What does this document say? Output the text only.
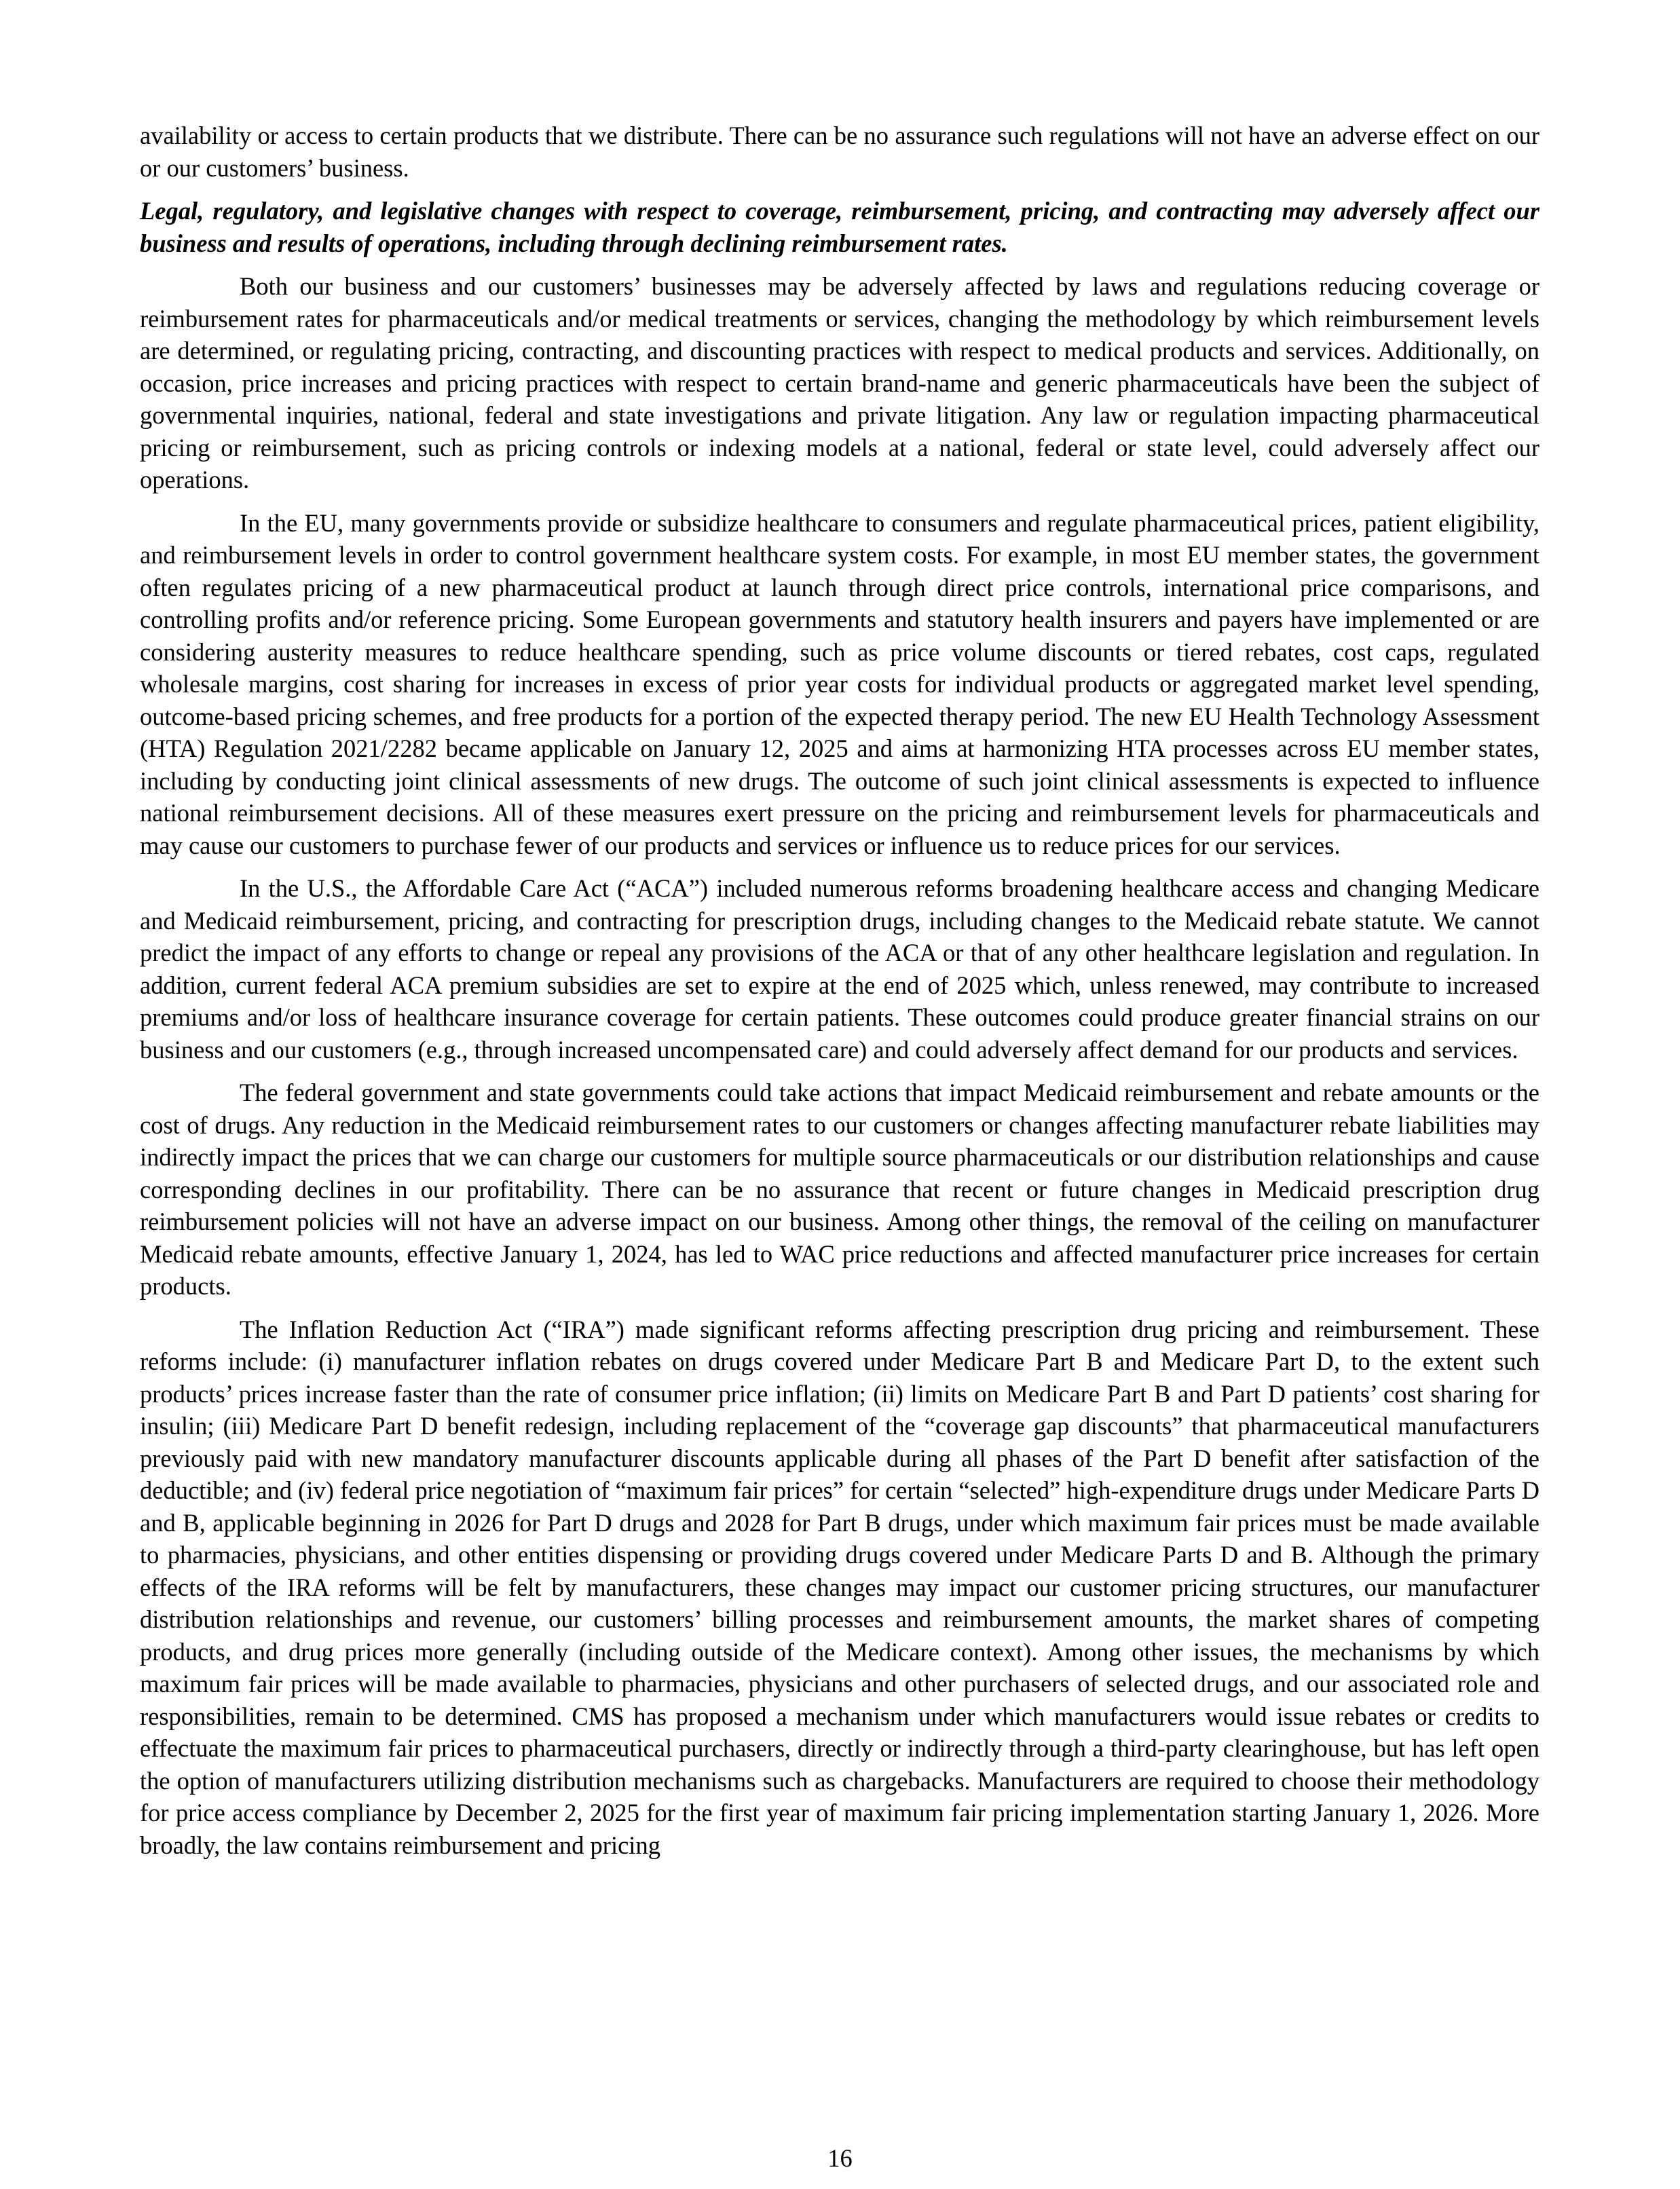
availability or access to certain products that we distribute. There can be no assurance such regulations will not have an adverse effect on our or our customers’ business.

Legal, regulatory, and legislative changes with respect to coverage, reimbursement, pricing, and contracting may adversely affect our business and results of operations, including through declining reimbursement rates.

Both our business and our customers’ businesses may be adversely affected by laws and regulations reducing coverage or reimbursement rates for pharmaceuticals and/or medical treatments or services, changing the methodology by which reimbursement levels are determined, or regulating pricing, contracting, and discounting practices with respect to medical products and services. Additionally, on occasion, price increases and pricing practices with respect to certain brand-name and generic pharmaceuticals have been the subject of governmental inquiries, national, federal and state investigations and private litigation. Any law or regulation impacting pharmaceutical pricing or reimbursement, such as pricing controls or indexing models at a national, federal or state level, could adversely affect our operations.

In the EU, many governments provide or subsidize healthcare to consumers and regulate pharmaceutical prices, patient eligibility, and reimbursement levels in order to control government healthcare system costs. For example, in most EU member states, the government often regulates pricing of a new pharmaceutical product at launch through direct price controls, international price comparisons, and controlling profits and/or reference pricing. Some European governments and statutory health insurers and payers have implemented or are considering austerity measures to reduce healthcare spending, such as price volume discounts or tiered rebates, cost caps, regulated wholesale margins, cost sharing for increases in excess of prior year costs for individual products or aggregated market level spending, outcome-based pricing schemes, and free products for a portion of the expected therapy period. The new EU Health Technology Assessment (HTA) Regulation 2021/2282 became applicable on January 12, 2025 and aims at harmonizing HTA processes across EU member states, including by conducting joint clinical assessments of new drugs. The outcome of such joint clinical assessments is expected to influence national reimbursement decisions. All of these measures exert pressure on the pricing and reimbursement levels for pharmaceuticals and may cause our customers to purchase fewer of our products and services or influence us to reduce prices for our services.

In the U.S., the Affordable Care Act (“ACA”) included numerous reforms broadening healthcare access and changing Medicare and Medicaid reimbursement, pricing, and contracting for prescription drugs, including changes to the Medicaid rebate statute. We cannot predict the impact of any efforts to change or repeal any provisions of the ACA or that of any other healthcare legislation and regulation. In addition, current federal ACA premium subsidies are set to expire at the end of 2025 which, unless renewed, may contribute to increased premiums and/or loss of healthcare insurance coverage for certain patients. These outcomes could produce greater financial strains on our business and our customers (e.g., through increased uncompensated care) and could adversely affect demand for our products and services.

The federal government and state governments could take actions that impact Medicaid reimbursement and rebate amounts or the cost of drugs. Any reduction in the Medicaid reimbursement rates to our customers or changes affecting manufacturer rebate liabilities may indirectly impact the prices that we can charge our customers for multiple source pharmaceuticals or our distribution relationships and cause corresponding declines in our profitability. There can be no assurance that recent or future changes in Medicaid prescription drug reimbursement policies will not have an adverse impact on our business. Among other things, the removal of the ceiling on manufacturer Medicaid rebate amounts, effective January 1, 2024, has led to WAC price reductions and affected manufacturer price increases for certain products.

The Inflation Reduction Act (“IRA”) made significant reforms affecting prescription drug pricing and reimbursement. These reforms include: (i) manufacturer inflation rebates on drugs covered under Medicare Part B and Medicare Part D, to the extent such products’ prices increase faster than the rate of consumer price inflation; (ii) limits on Medicare Part B and Part D patients’ cost sharing for insulin; (iii) Medicare Part D benefit redesign, including replacement of the “coverage gap discounts” that pharmaceutical manufacturers previously paid with new mandatory manufacturer discounts applicable during all phases of the Part D benefit after satisfaction of the deductible; and (iv) federal price negotiation of “maximum fair prices” for certain “selected” high-expenditure drugs under Medicare Parts D and B, applicable beginning in 2026 for Part D drugs and 2028 for Part B drugs, under which maximum fair prices must be made available to pharmacies, physicians, and other entities dispensing or providing drugs covered under Medicare Parts D and B. Although the primary effects of the IRA reforms will be felt by manufacturers, these changes may impact our customer pricing structures, our manufacturer distribution relationships and revenue, our customers’ billing processes and reimbursement amounts, the market shares of competing products, and drug prices more generally (including outside of the Medicare context). Among other issues, the mechanisms by which maximum fair prices will be made available to pharmacies, physicians and other purchasers of selected drugs, and our associated role and responsibilities, remain to be determined. CMS has proposed a mechanism under which manufacturers would issue rebates or credits to effectuate the maximum fair prices to pharmaceutical purchasers, directly or indirectly through a third-party clearinghouse, but has left open the option of manufacturers utilizing distribution mechanisms such as chargebacks. Manufacturers are required to choose their methodology for price access compliance by December 2, 2025 for the first year of maximum fair pricing implementation starting January 1, 2026. More broadly, the law contains reimbursement and pricing

16
